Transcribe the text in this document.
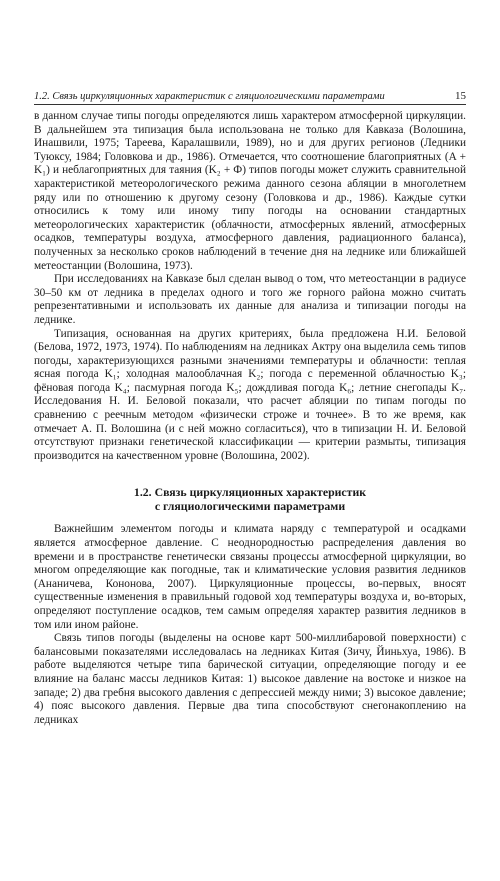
1.2. Связь циркуляционных характеристик с гляциологическими параметрами	15

в данном случае типы погоды определяются лишь характером атмосферной циркуляции. В дальнейшем эта типизация была использована не только для Кавказа (Волошина, Инашвили, 1975; Тареева, Каралашвили, 1989), но и для других регионов (Ледники Туюксу, 1984; Головкова и др., 1986). Отмечается, что соотношение благоприятных (A + K₁) и неблагоприятных для таяния (K₂ + Ф) типов погоды может служить сравнительной характеристикой метеорологического режима данного сезона абляции в многолетнем ряду или по отношению к другому сезону (Головкова и др., 1986). Каждые сутки относились к тому или иному типу погоды на основании стандартных метеорологических характеристик (облачности, атмосферных явлений, атмосферных осадков, температуры воздуха, атмосферного давления, радиационного баланса), полученных за несколько сроков наблюдений в течение дня на леднике или ближайшей метеостанции (Волошина, 1973).

При исследованиях на Кавказе был сделан вывод о том, что метеостанции в радиусе 30–50 км от ледника в пределах одного и того же горного района можно считать репрезентативными и использовать их данные для анализа и типизации погоды на леднике.

Типизация, основанная на других критериях, была предложена Н.И. Беловой (Белова, 1972, 1973, 1974). По наблюдениям на ледниках Актру она выделила семь типов погоды, характеризующихся разными значениями температуры и облачности: теплая ясная погода K₁; холодная малооблачная K₂; погода с переменной облачностью K₃; фёновая погода K₄; пасмурная погода K₅; дождливая погода K₆; летние снегопады K₇. Исследования Н. И. Беловой показали, что расчет абляции по типам погоды по сравнению с реечным методом «физически строже и точнее». В то же время, как отмечает А. П. Волошина (и с ней можно согласиться), что в типизации Н. И. Беловой отсутствуют признаки генетической классификации — критерии размыты, типизация производится на качественном уровне (Волошина, 2002).

1.2. Связь циркуляционных характеристик
с гляциологическими параметрами

Важнейшим элементом погоды и климата наряду с температурой и осадками является атмосферное давление. С неоднородностью распределения давления во времени и в пространстве генетически связаны процессы атмосферной циркуляции, во многом определяющие как погодные, так и климатические условия развития ледников (Ананичева, Кононова, 2007). Циркуляционные процессы, во-первых, вносят существенные изменения в правильный годовой ход температуры воздуха и, во-вторых, определяют поступление осадков, тем самым определяя характер развития ледников в том или ином районе.

Связь типов погоды (выделены на основе карт 500-миллибаровой поверхности) с балансовыми показателями исследовалась на ледниках Китая (Зичу, Йиньхуа, 1986). В работе выделяются четыре типа барической ситуации, определяющие погоду и ее влияние на баланс массы ледников Китая: 1) высокое давление на востоке и низкое на западе; 2) два гребня высокого давления с депрессией между ними; 3) высокое давление; 4) пояс высокого давления. Первые два типа способствуют снегонакоплению на ледниках
